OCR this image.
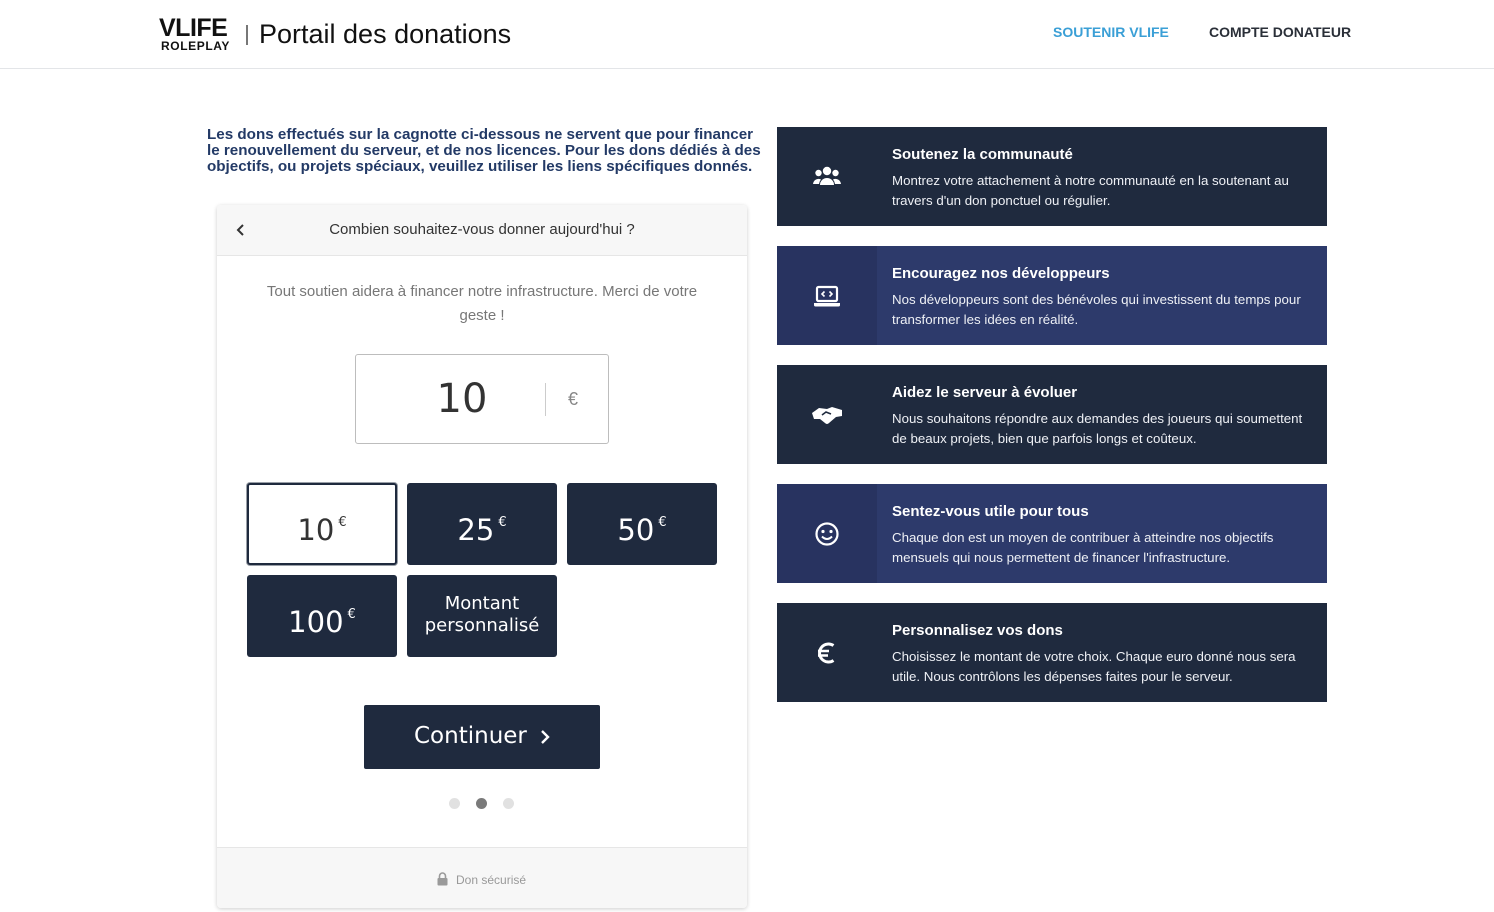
VLIFE
ROLEPLAY Portail des donations	SOUTENIR VLIFE	COMPTE DONATEUR
Les dons effectués sur la cagnotte ci-dessous ne servent que pour financer le renouvellement du serveur, et de nos licences. Pour les dons dédiés à des objectifs, ou projets spéciaux, veuillez utiliser les liens spécifiques donnés.
Combien souhaitez-vous donner aujourd'hui ?
Tout soutien aidera à financer notre infrastructure. Merci de votre geste !
10
€
10 €	25 €	50 €
100 €
Montant
personnalisé
Continuer
Don sécurisé
Soutenez la communauté
Montrez votre attachement à notre communauté en la soutenant au travers d'un don ponctuel ou régulier.
Encouragez nos développeurs
Nos développeurs sont des bénévoles qui investissent du temps pour transformer les idées en réalité.
Aidez le serveur à évoluer
Nous souhaitons répondre aux demandes des joueurs qui soumettent de beaux projets, bien que parfois longs et coûteux.
Sentez-vous utile pour tous
Chaque don est un moyen de contribuer à atteindre nos objectifs mensuels qui nous permettent de financer l'infrastructure.
Personnalisez vos dons
Choisissez le montant de votre choix. Chaque euro donné nous sera utile. Nous contrôlons les dépenses faites pour le serveur.
